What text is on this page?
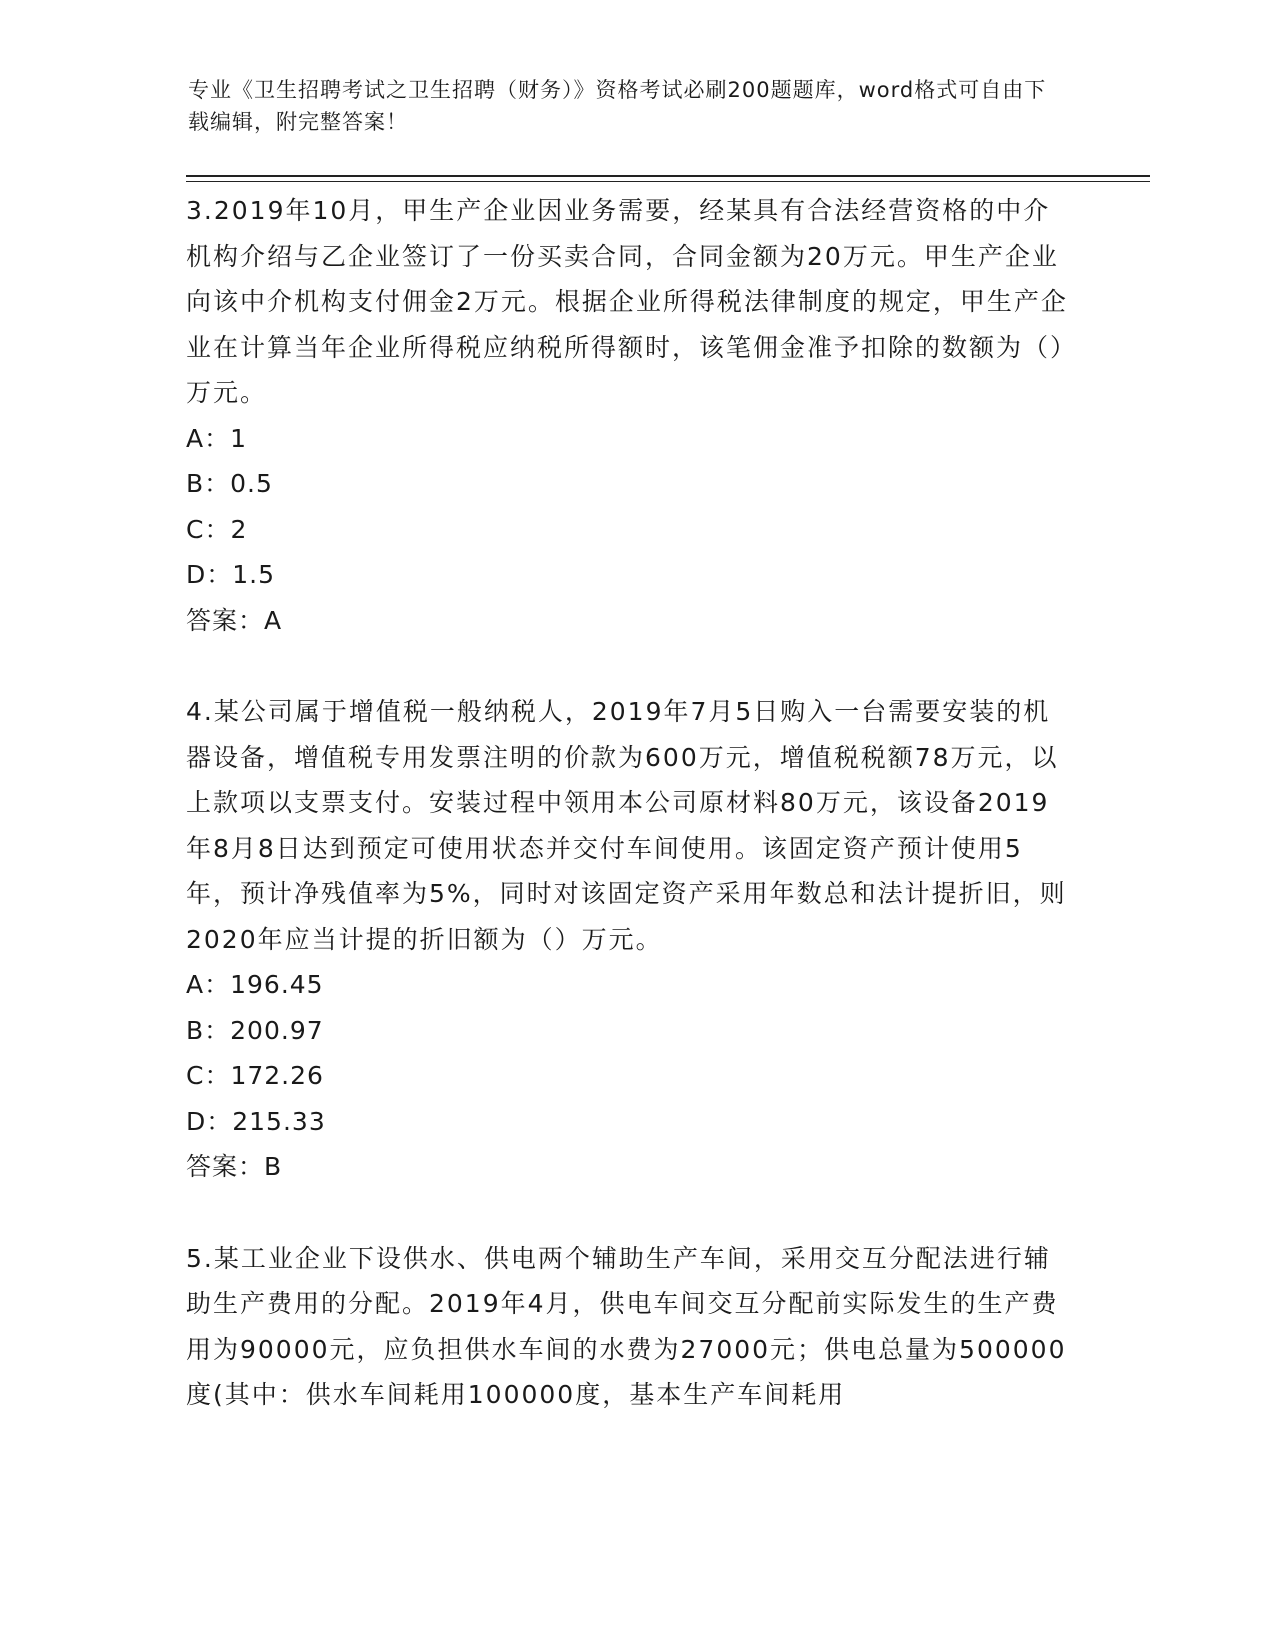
专业《卫生招聘考试之卫生招聘（财务）》资格考试必刷200题题库，word格式可自由下载编辑，附完整答案！

3.2019年10月，甲生产企业因业务需要，经某具有合法经营资格的中介机构介绍与乙企业签订了一份买卖合同，合同金额为20万元。甲生产企业向该中介机构支付佣金2万元。根据企业所得税法律制度的规定，甲生产企业在计算当年企业所得税应纳税所得额时，该笔佣金准予扣除的数额为（）万元。

A：1

B：0.5

C：2

D：1.5

答案：A

4.某公司属于增值税一般纳税人，2019年7月5日购入一台需要安装的机器设备，增值税专用发票注明的价款为600万元，增值税税额78万元，以上款项以支票支付。安装过程中领用本公司原材料80万元，该设备2019年8月8日达到预定可使用状态并交付车间使用。该固定资产预计使用5年，预计净残值率为5%，同时对该固定资产采用年数总和法计提折旧，则2020年应当计提的折旧额为（）万元。

A：196.45

B：200.97

C：172.26

D：215.33

答案：B

5.某工业企业下设供水、供电两个辅助生产车间，采用交互分配法进行辅助生产费用的分配。2019年4月，供电车间交互分配前实际发生的生产费用为90000元，应负担供水车间的水费为27000元；供电总量为500000度(其中：供水车间耗用100000度，基本生产车间耗用
